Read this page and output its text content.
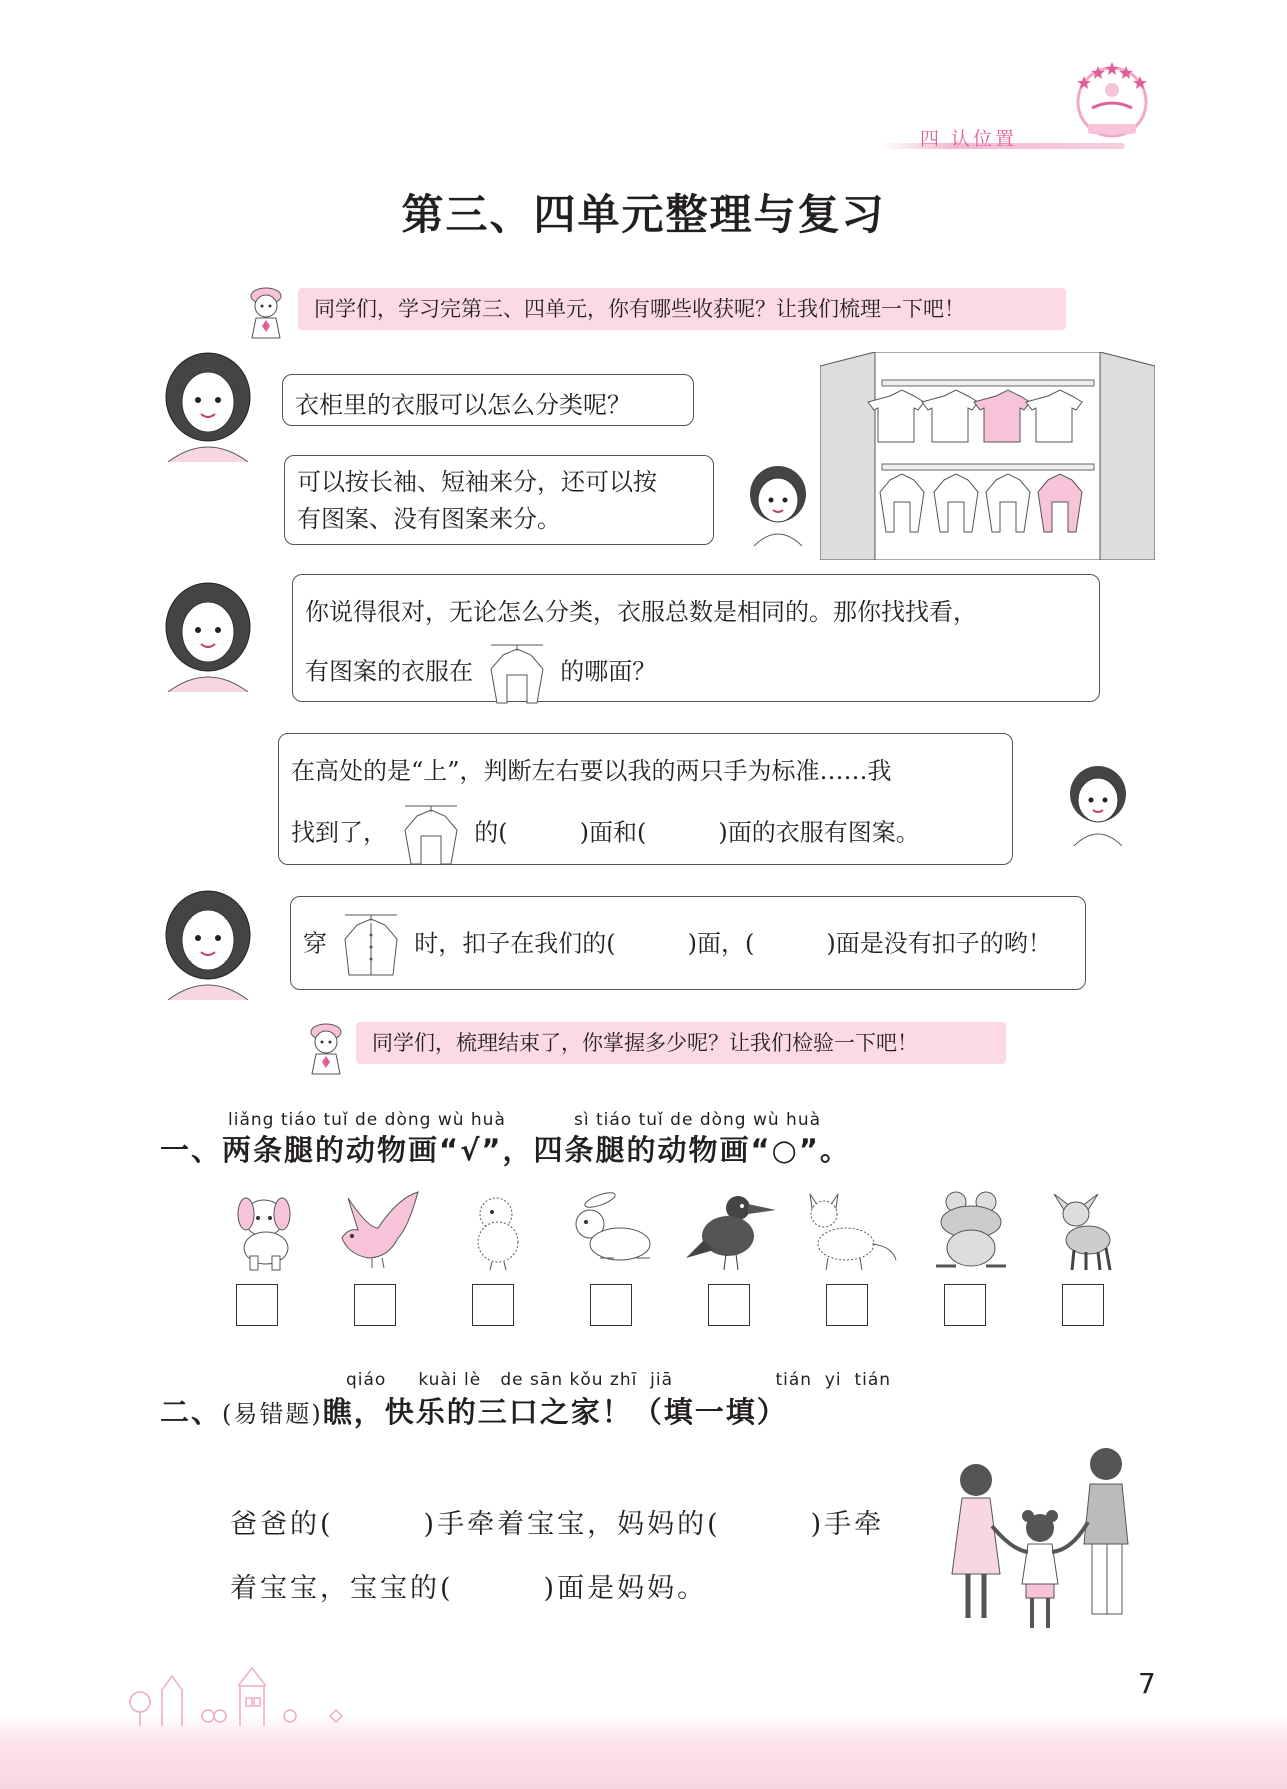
四 认位置
第三、四单元整理与复习
同学们，学习完第三、四单元，你有哪些收获呢？让我们梳理一下吧！
衣柜里的衣服可以怎么分类呢？
可以按长袖、短袖来分，还可以按
有图案、没有图案来分。
你说得很对，无论怎么分类，衣服总数是相同的。那你找找看，
有图案的衣服在	的哪面？
在高处的是“上”，判断左右要以我的两只手为标准……我
找到了，	的(　　　)面和(　　　)面的衣服有图案。
穿	时，扣子在我们的(　　　)面，(　　　)面是没有扣子的哟！
同学们，梳理结束了，你掌握多少呢？让我们检验一下吧！
liǎng tiáo tuǐ de dòng wù huà	sì tiáo tuǐ de dòng wù huà
一、两条腿的动物画“√”，四条腿的动物画“○”。
qiáo     kuài lè   de sān kǒu zhī  jiā                tián  yi  tián
二、(易错题)瞧，快乐的三口之家！（填一填）
爸爸的(　　　)手牵着宝宝，妈妈的(　　　)手牵
着宝宝，宝宝的(　　　)面是妈妈。
7
